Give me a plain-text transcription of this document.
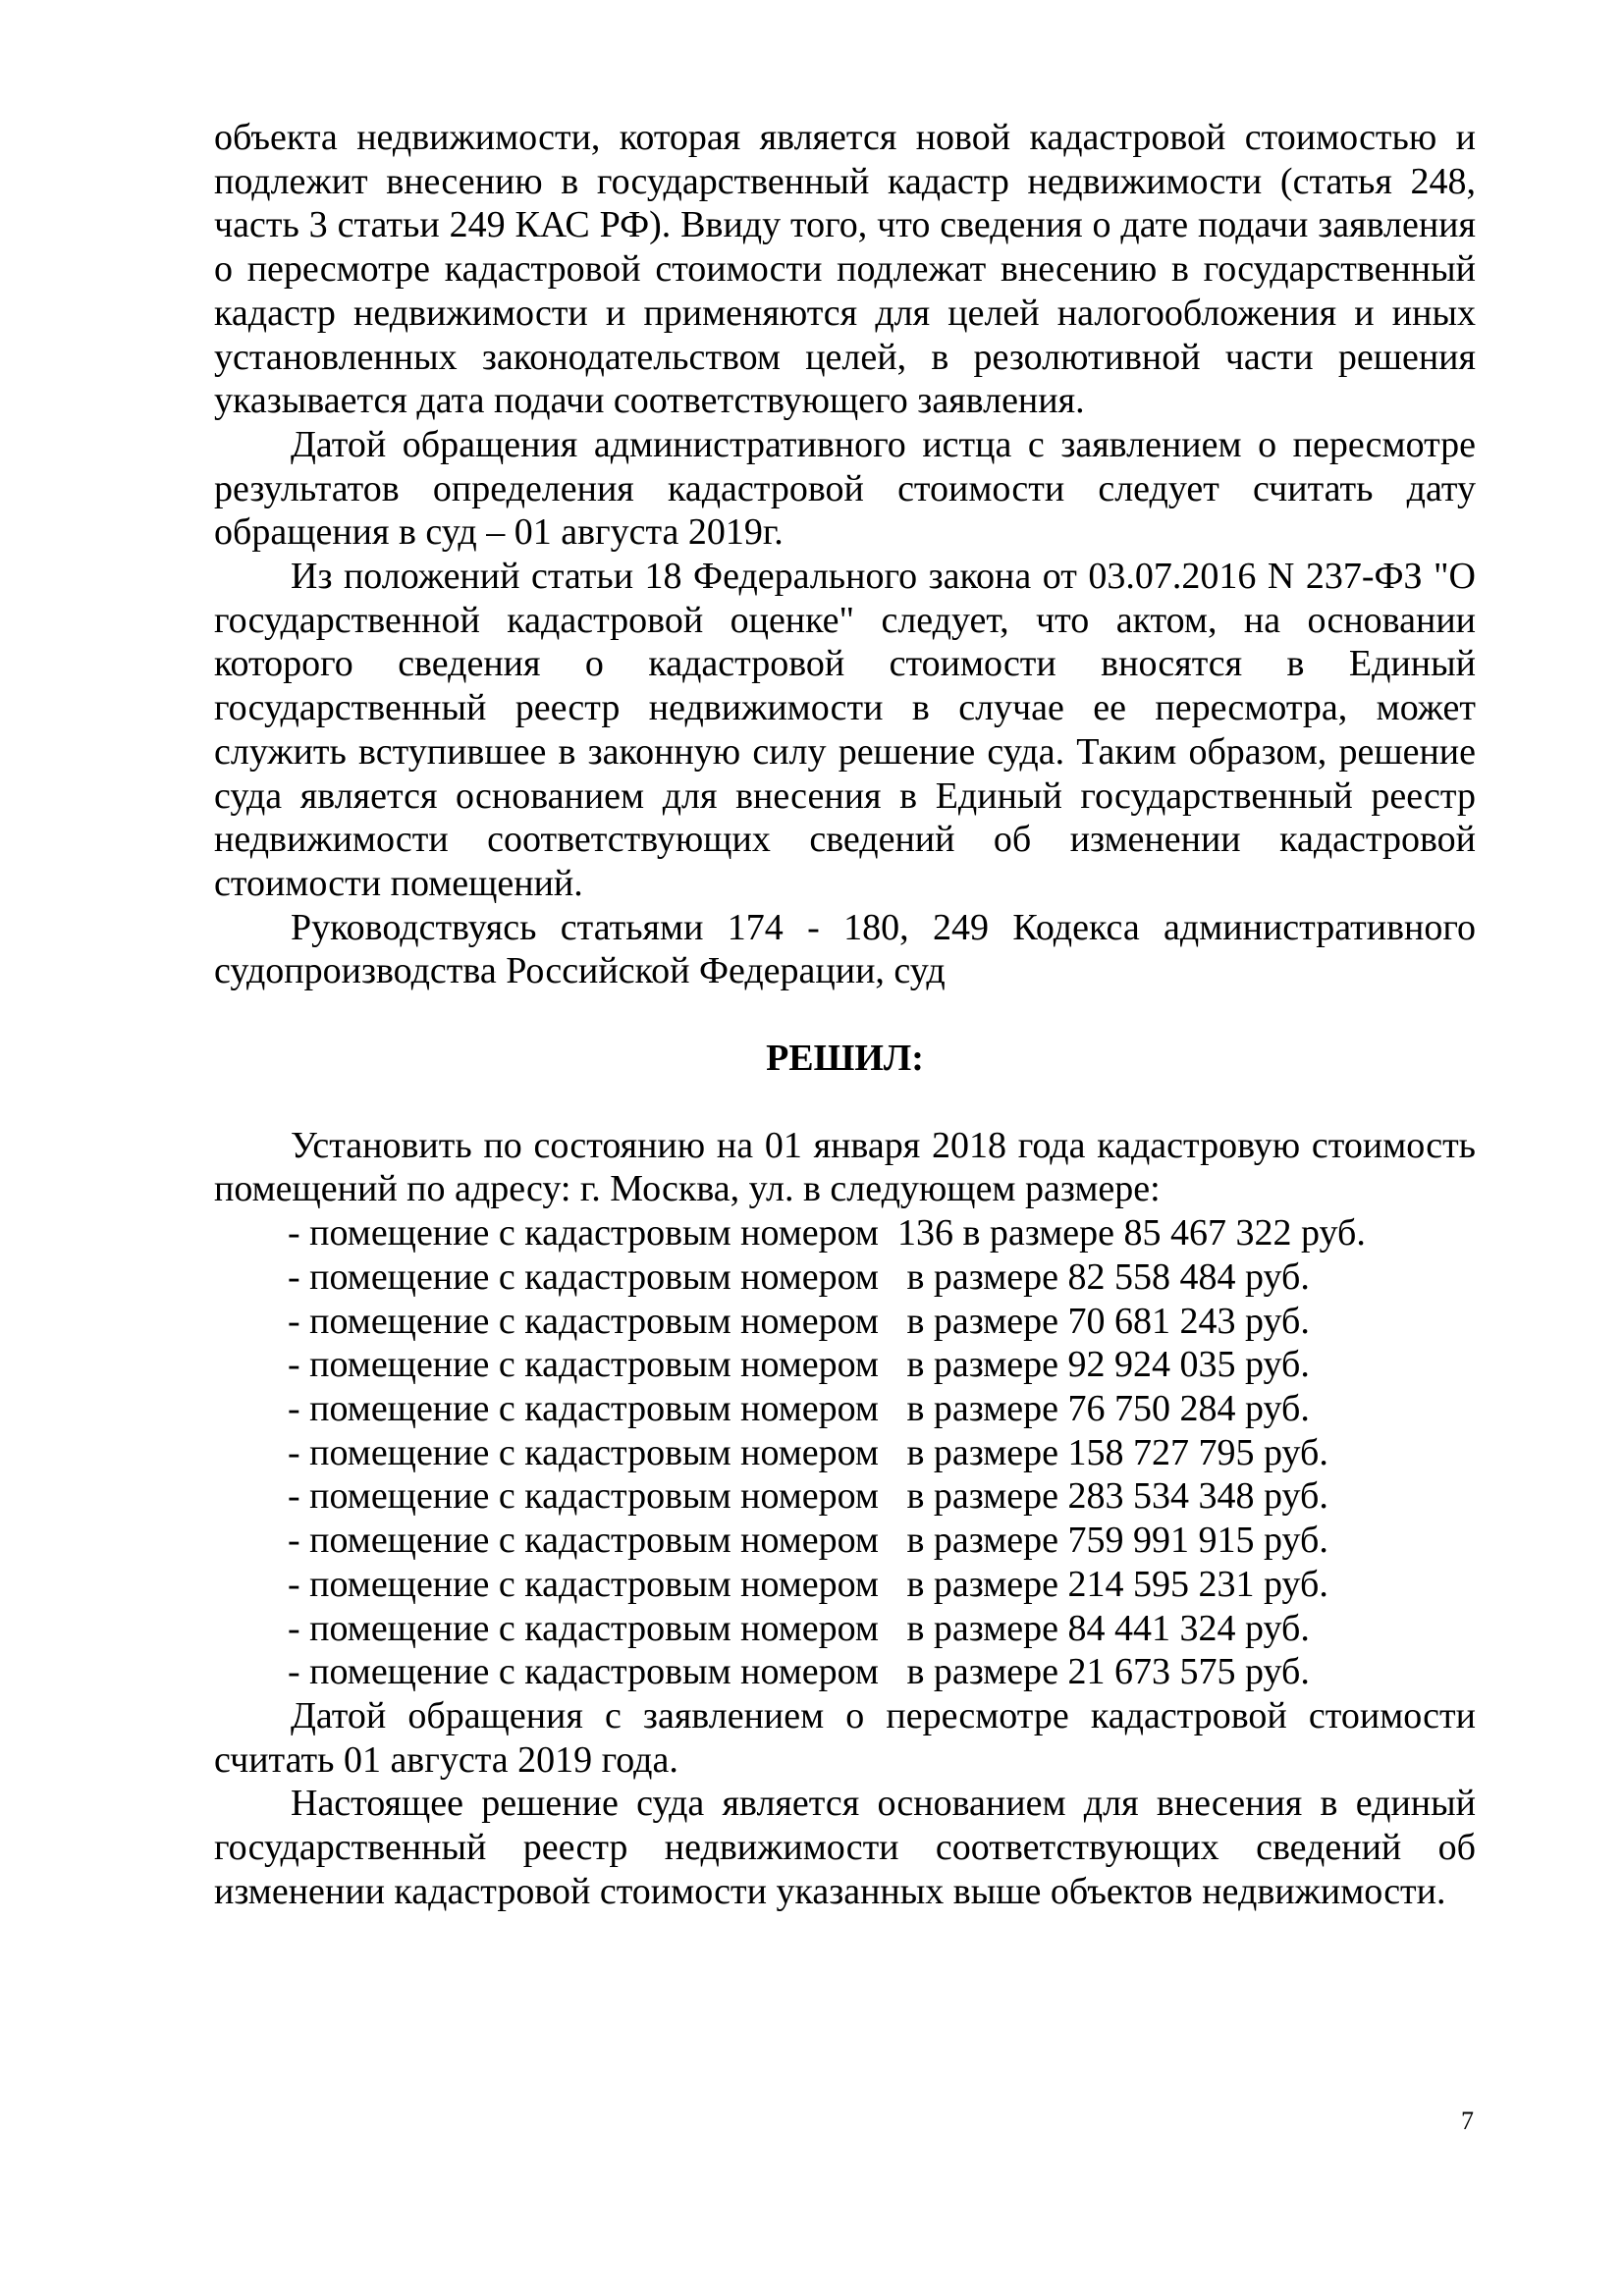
объекта недвижимости, которая является новой кадастровой стоимостью и подлежит внесению в государственный кадастр недвижимости (статья 248, часть 3 статьи 249 КАС РФ). Ввиду того, что сведения о дате подачи заявления о пересмотре кадастровой стоимости подлежат внесению в государственный кадастр недвижимости и применяются для целей налогообложения и иных установленных законодательством целей, в резолютивной части решения указывается дата подачи соответствующего заявления.

Датой обращения административного истца с заявлением о пересмотре результатов определения кадастровой стоимости следует считать дату обращения в суд – 01 августа 2019г.

Из положений статьи 18 Федерального закона от 03.07.2016 N 237-ФЗ "О государственной кадастровой оценке" следует, что актом, на основании которого сведения о кадастровой стоимости вносятся в Единый государственный реестр недвижимости в случае ее пересмотра, может служить вступившее в законную силу решение суда. Таким образом, решение суда является основанием для внесения в Единый государственный реестр недвижимости соответствующих сведений об изменении кадастровой стоимости помещений.

Руководствуясь статьями 174 - 180, 249 Кодекса административного судопроизводства Российской Федерации, суд

РЕШИЛ:

Установить по состоянию на 01 января 2018 года кадастровую стоимость помещений по адресу: г. Москва, ул. в следующем размере:

- помещение с кадастровым номером  136 в размере 85 467 322 руб.
- помещение с кадастровым номером   в размере 82 558 484 руб.
- помещение с кадастровым номером   в размере 70 681 243 руб.
- помещение с кадастровым номером   в размере 92 924 035 руб.
- помещение с кадастровым номером   в размере 76 750 284 руб.
- помещение с кадастровым номером   в размере 158 727 795 руб.
- помещение с кадастровым номером   в размере 283 534 348 руб.
- помещение с кадастровым номером   в размере 759 991 915 руб.
- помещение с кадастровым номером   в размере 214 595 231 руб.
- помещение с кадастровым номером   в размере 84 441 324 руб.
- помещение с кадастровым номером   в размере 21 673 575 руб.

Датой обращения с заявлением о пересмотре кадастровой стоимости считать 01 августа 2019 года.

Настоящее решение суда является основанием для внесения в единый государственный реестр недвижимости соответствующих сведений об изменении кадастровой стоимости указанных выше объектов недвижимости.

7
